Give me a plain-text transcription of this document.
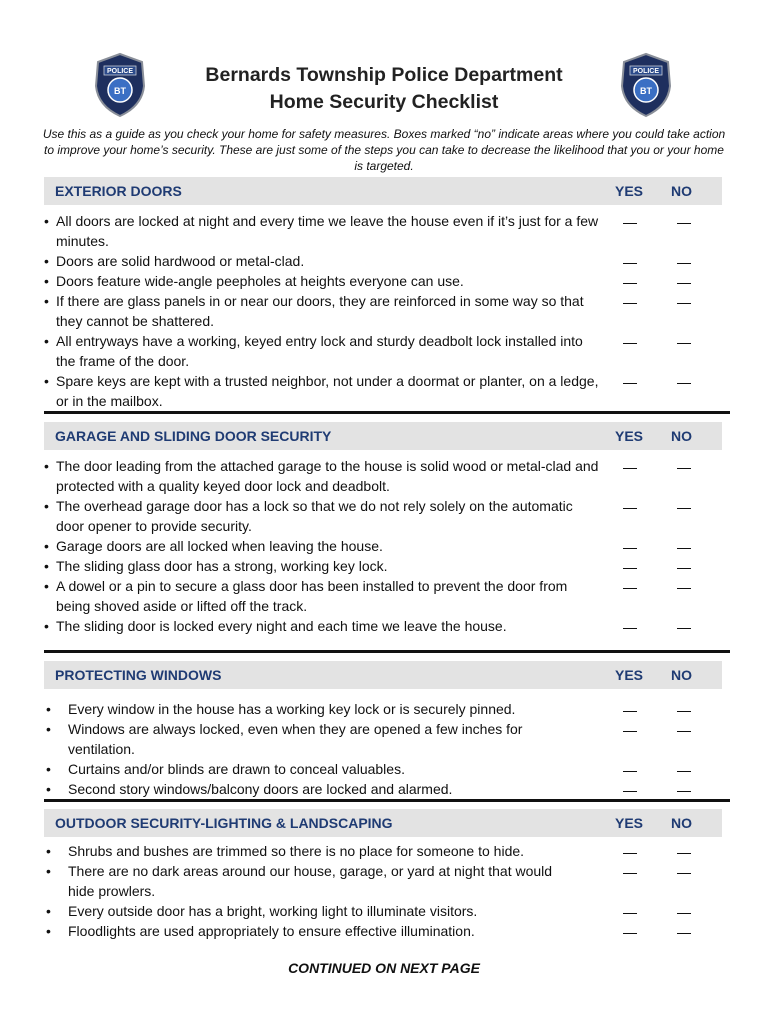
POLICE
BT
Bernards Township Police Department
Home Security Checklist
POLICE
BT
Use this as a guide as you check your home for safety measures. Boxes marked “no” indicate areas where you could take action to improve your home’s security. These are just some of the steps you can take to decrease the likelihood that you or your home is targeted.
EXTERIOR DOORS	YES NO
• All doors are locked at night and every time we leave the house even if it’s just for a few minutes.
• Doors are solid hardwood or metal-clad.
• Doors feature wide-angle peepholes at heights everyone can use.
• If there are glass panels in or near our doors, they are reinforced in some way so that they cannot be shattered.
• All entryways have a working, keyed entry lock and sturdy deadbolt lock installed into the frame of the door.
• Spare keys are kept with a trusted neighbor, not under a doormat or planter, on a ledge, or in the mailbox.
GARAGE AND SLIDING DOOR SECURITY	YES NO
• The door leading from the attached garage to the house is solid wood or metal-clad and protected with a quality keyed door lock and deadbolt.
• The overhead garage door has a lock so that we do not rely solely on the automatic door opener to provide security.
• Garage doors are all locked when leaving the house.
• The sliding glass door has a strong, working key lock.
• A dowel or a pin to secure a glass door has been installed to prevent the door from being shoved aside or lifted off the track.
• The sliding door is locked every night and each time we leave the house.
PROTECTING WINDOWS	YES NO
•	Every window in the house has a working key lock or is securely pinned.
•	Windows are always locked, even when they are opened a few inches for ventilation.
•	Curtains and/or blinds are drawn to conceal valuables.
•	Second story windows/balcony doors are locked and alarmed.
OUTDOOR SECURITY-LIGHTING & LANDSCAPING	YES NO
•	Shrubs and bushes are trimmed so there is no place for someone to hide.
•	There are no dark areas around our house, garage, or yard at night that would hide prowlers.
•	Every outside door has a bright, working light to illuminate visitors.
•	Floodlights are used appropriately to ensure effective illumination.
CONTINUED ON NEXT PAGE
